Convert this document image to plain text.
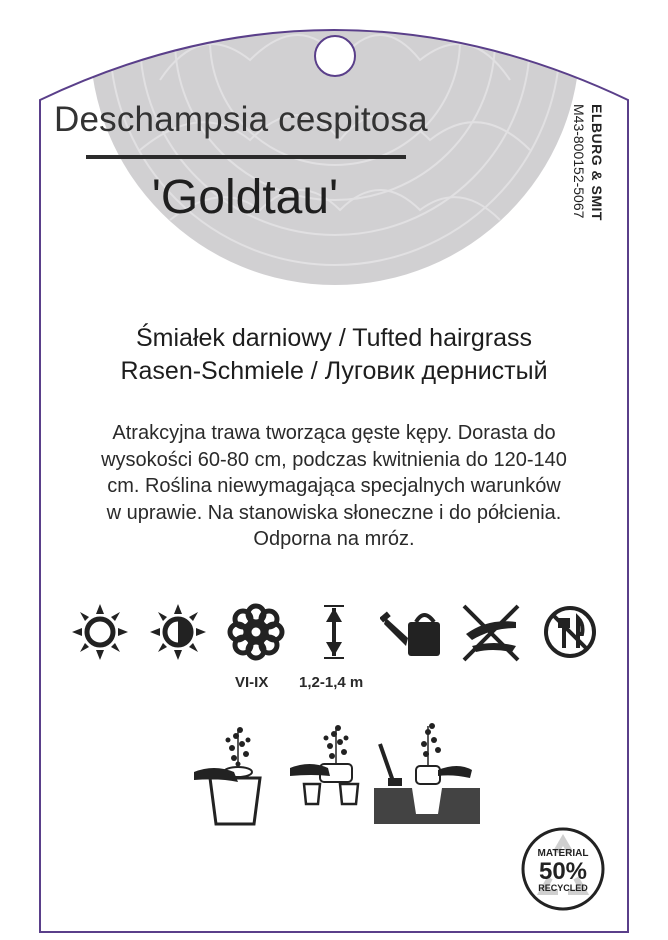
Deschampsia cespitosa
'Goldtau'	ELBURG & SMIT
M43-800152-5067
Śmiałek darniowy / Tufted hairgrass
Rasen-Schmiele / Луговик дернистый
Atrakcyjna trawa tworząca gęste kępy. Dorasta do
wysokości 60-80 cm, podczas kwitnienia do 120-140
cm. Roślina niewymagająca specjalnych warunków
w uprawie. Na stanowiska słoneczne i do półcienia.
Odporna na mróz.
VI-IX 1,2-1,4 m
MATERIAL
50%
RECYCLED
